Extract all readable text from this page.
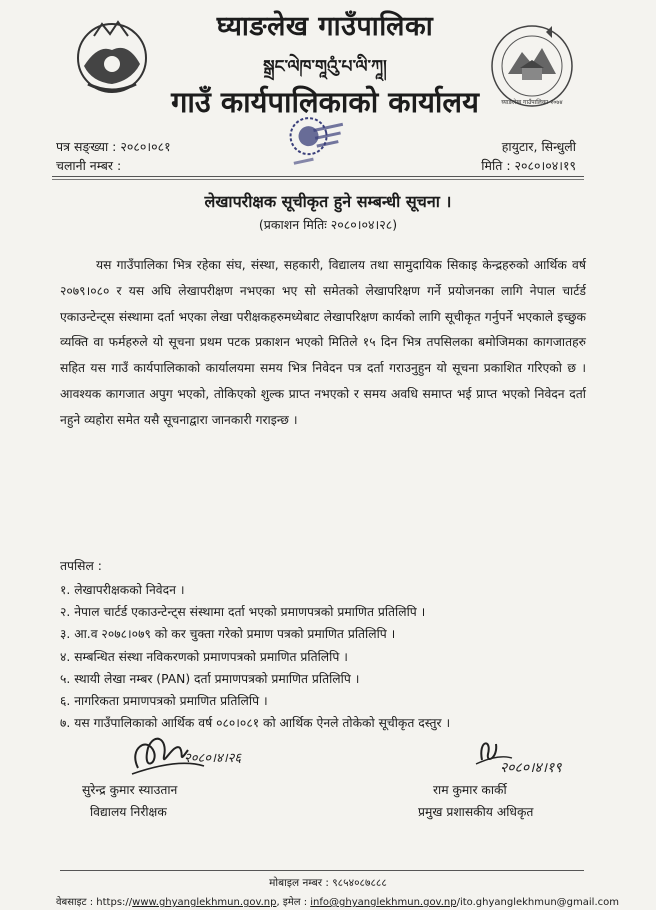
घ्याङलेख गाउँपालिका
སྒྲང་ལེཁ་གཱའུཾ་པ་ལི་ཀཱ།
गाउँ कार्यपालिकाको कार्यालय	घ्याङलेख गाउँपालिका-२०७४
पत्र सङ्ख्या : २०८०।०८१
चलानी नम्बर :
हायुटार, सिन्धुली
मिति : २०८०।०४।१९
लेखापरीक्षक सूचीकृत हुने सम्बन्धी सूचना ।
(प्रकाशन मितिः २०८०।०४।२८)

यस गाउँपालिका भित्र रहेका संघ, संस्था, सहकारी, विद्यालय तथा सामुदायिक सिकाइ केन्द्रहरुको आर्थिक वर्ष २०७९।०८० र यस अघि लेखापरीक्षण नभएका भए सो समेतको लेखापरिक्षण गर्ने प्रयोजनका लागि नेपाल चार्टर्ड एकाउन्टेन्ट्स संस्थामा दर्ता भएका लेखा परीक्षकहरुमध्येबाट लेखापरिक्षण कार्यको लागि सूचीकृत गर्नुपर्ने भएकाले इच्छुक व्यक्ति वा फर्महरुले यो सूचना प्रथम पटक प्रकाशन भएको मितिले १५ दिन भित्र तपसिलका बमोजिमका कागजातहरु सहित यस गाउँ कार्यपालिकाको कार्यालयमा समय भित्र निवेदन पत्र दर्ता गराउनुहुन यो सूचना प्रकाशित गरिएको छ । आवश्यक कागजात अपुग भएको, तोकिएको शुल्क प्राप्त नभएको र समय अवधि समाप्त भई प्राप्त भएको निवेदन दर्ता नहुने व्यहोरा समेत यसै सूचनाद्वारा जानकारी गराइन्छ ।

तपसिल :
१. लेखापरीक्षकको निवेदन ।
२. नेपाल चार्टर्ड एकाउन्टेन्ट्स संस्थामा दर्ता भएको प्रमाणपत्रको प्रमाणित प्रतिलिपि ।
३. आ.व २०७८।०७९ को कर चुक्ता गरेको प्रमाण पत्रको प्रमाणित प्रतिलिपि ।
४. सम्बन्धित संस्था नविकरणको प्रमाणपत्रको प्रमाणित प्रतिलिपि ।
५. स्थायी लेखा नम्बर (PAN) दर्ता प्रमाणपत्रको प्रमाणित प्रतिलिपि ।
६. नागरिकता प्रमाणपत्रको प्रमाणित प्रतिलिपि ।
७. यस गाउँपालिकाको आर्थिक वर्ष ०८०।०८१ को आर्थिक ऐनले तोकेको सूचीकृत दस्तुर ।
२०८०।४।२६
२०८०।४।१९
सुरेन्द्र कुमार स्याउतान
विद्यालय निरीक्षक
राम कुमार कार्की
प्रमुख प्रशासकीय अधिकृत
मोबाइल नम्बर : ९८५४०८७८८८
वेबसाइट : https://www.ghyanglekhmun.gov.np, इमेल : info@ghyanglekhmun.gov.np/ito.ghyanglekhmun@gmail.com
